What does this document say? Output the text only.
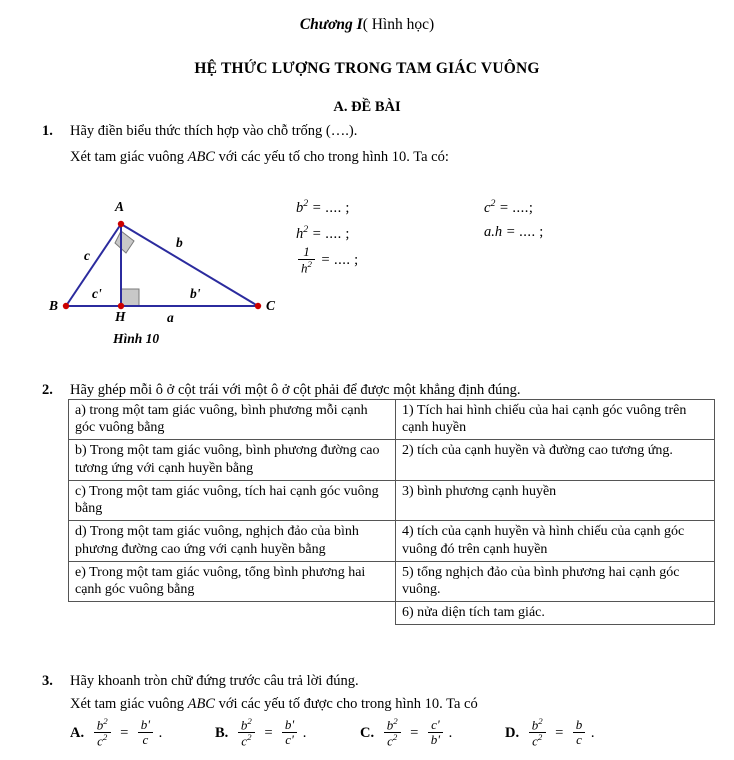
Chương I( Hình học)
HỆ THỨC LƯỢNG TRONG TAM GIÁC VUÔNG
A. ĐỀ BÀI
1. Hãy điền biểu thức thích hợp vào chỗ trống (….).
Xét tam giác vuông ABC với các yếu tố cho trong hình 10. Ta có:
A
B	C
H
c
b
c'	b'
a
Hình 10
$b^2$ = .... ;
$h^2$ = .... ;
$\frac{1}{h^2}$ = .... ;
$c^2$ = ....;
a.h = .... ;
2. Hãy ghép mỗi ô ở cột trái với một ô ở cột phải để được một khẳng định đúng.
a) trong một tam giác vuông, bình phương mỗi cạnh góc vuông bằng	1) Tích hai hình chiếu của hai cạnh góc vuông trên cạnh huyền
b) Trong một tam giác vuông, bình phương đường cao tương ứng với cạnh huyền bằng	2) tích của cạnh huyền và đường cao tương ứng.
c) Trong một tam giác vuông, tích hai cạnh góc vuông bằng	3) bình phương cạnh huyền
d) Trong một tam giác vuông, nghịch đảo của bình phương đường cao ứng với cạnh huyền bằng	4) tích của cạnh huyền và hình chiếu của cạnh góc vuông đó trên cạnh huyền
e) Trong một tam giác vuông, tổng bình phương hai cạnh góc vuông bằng	5) tổng nghịch đảo của bình phương hai cạnh góc vuông.
	6) nửa diện tích tam giác.
3. Hãy khoanh tròn chữ đứng trước câu trả lời đúng.
Xét tam giác vuông ABC với các yếu tố được cho trong hình 10. Ta có
A. $\frac{b^2}{c^2} = \frac{b'}{c}$ .	B. $\frac{b^2}{c^2} = \frac{b'}{c'}$ .	C. $\frac{b^2}{c^2} = \frac{c'}{b'}$ .	D. $\frac{b^2}{c^2} = \frac{b}{c}$ .
